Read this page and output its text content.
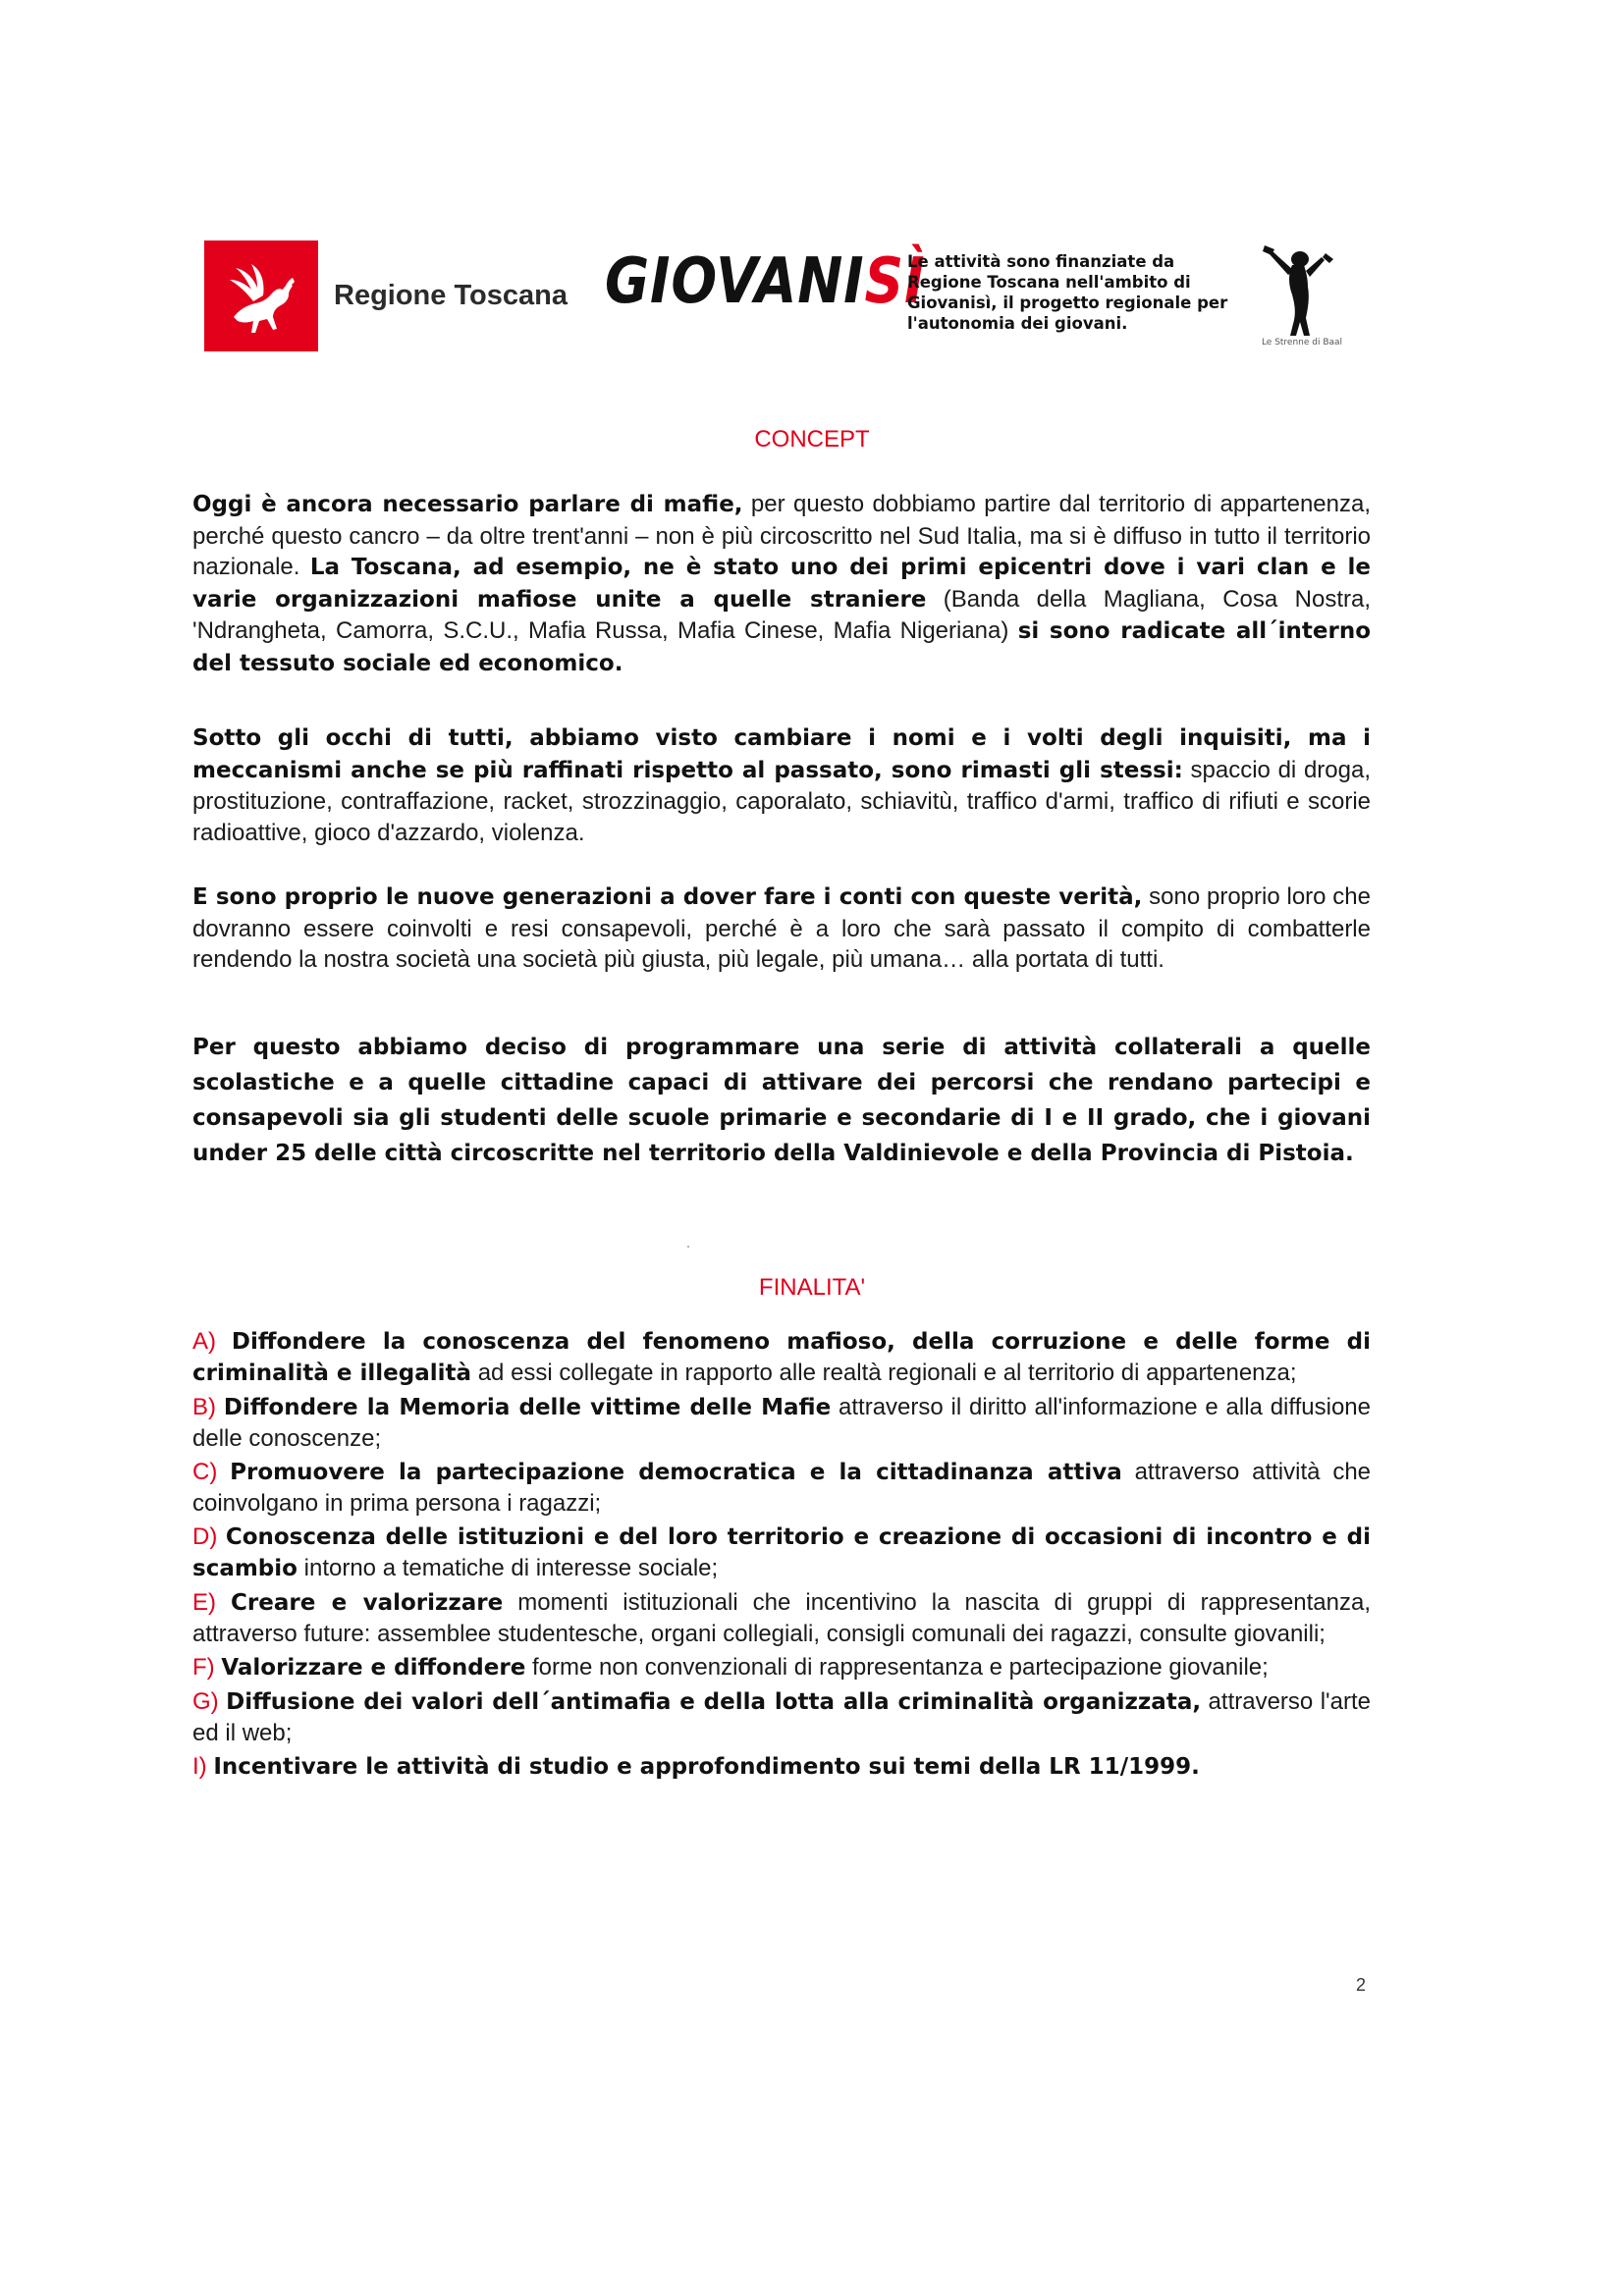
Regione Toscana GIOVANISÌ
Le attività sono finanziate da Regione Toscana nell'ambito di Giovanisì, il progetto regionale per l'autonomia dei giovani.
Le Strenne di Baal
CONCEPT

Oggi è ancora necessario parlare di mafie, per questo dobbiamo partire dal territorio di appartenenza, perché questo cancro – da oltre trent'anni – non è più circoscritto nel Sud Italia, ma si è diffuso in tutto il territorio nazionale. La Toscana, ad esempio, ne è stato uno dei primi epicentri dove i vari clan e le varie organizzazioni mafiose unite a quelle straniere (Banda della Magliana, Cosa Nostra, 'Ndrangheta, Camorra, S.C.U., Mafia Russa, Mafia Cinese, Mafia Nigeriana) si sono radicate all´interno del tessuto sociale ed economico.

Sotto gli occhi di tutti, abbiamo visto cambiare i nomi e i volti degli inquisiti, ma i meccanismi anche se più raffinati rispetto al passato, sono rimasti gli stessi: spaccio di droga, prostituzione, contraffazione, racket, strozzinaggio, caporalato, schiavitù, traffico d'armi, traffico di rifiuti e scorie radioattive, gioco d'azzardo, violenza.

E sono proprio le nuove generazioni a dover fare i conti con queste verità, sono proprio loro che dovranno essere coinvolti e resi consapevoli, perché è a loro che sarà passato il compito di combatterle rendendo la nostra società una società più giusta, più legale, più umana… alla portata di tutti.

Per questo abbiamo deciso di programmare una serie di attività collaterali a quelle scolastiche e a quelle cittadine capaci di attivare dei percorsi che rendano partecipi e consapevoli sia gli studenti delle scuole primarie e secondarie di I e II grado, che i giovani under 25 delle città circoscritte nel territorio della Valdinievole e della Provincia di Pistoia.

FINALITA'
A) Diffondere la conoscenza del fenomeno mafioso, della corruzione e delle forme di criminalità e illegalità ad essi collegate in rapporto alle realtà regionali e al territorio di appartenenza;
B) Diffondere la Memoria delle vittime delle Mafie attraverso il diritto all'informazione e alla diffusione delle conoscenze;
C) Promuovere la partecipazione democratica e la cittadinanza attiva attraverso attività che coinvolgano in prima persona i ragazzi;
D) Conoscenza delle istituzioni e del loro territorio e creazione di occasioni di incontro e di scambio intorno a tematiche di interesse sociale;
E) Creare e valorizzare momenti istituzionali che incentivino la nascita di gruppi di rappresentanza, attraverso future: assemblee studentesche, organi collegiali, consigli comunali dei ragazzi, consulte giovanili;
F) Valorizzare e diffondere forme non convenzionali di rappresentanza e partecipazione giovanile;
G) Diffusione dei valori dell´antimafia e della lotta alla criminalità organizzata, attraverso l'arte ed il web;
I) Incentivare le attività di studio e approfondimento sui temi della LR 11/1999.
2
